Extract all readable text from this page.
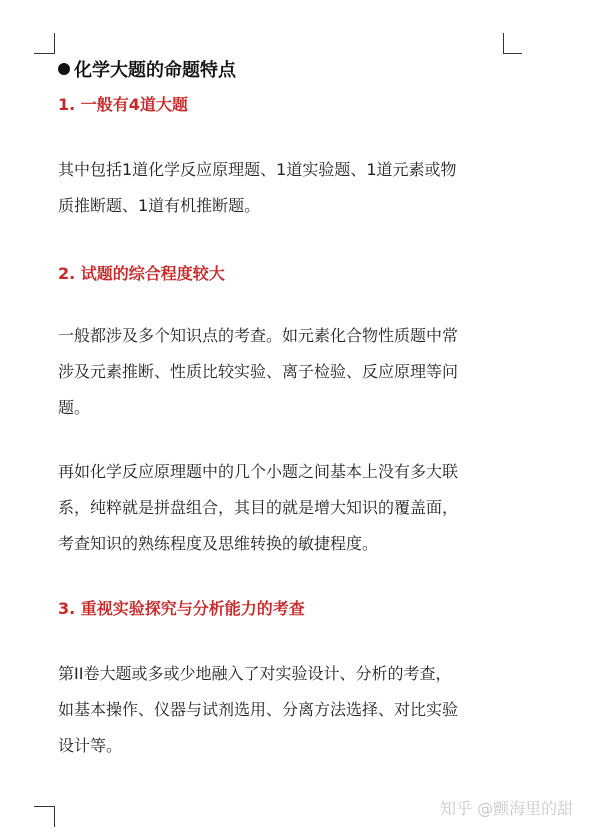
化学大题的命题特点
1. 一般有4道大题
其中包括1道化学反应原理题、1道实验题、1道元素或物
质推断题、1道有机推断题。
2. 试题的综合程度较大
一般都涉及多个知识点的考查。如元素化合物性质题中常
涉及元素推断、性质比较实验、离子检验、反应原理等问
题。
再如化学反应原理题中的几个小题之间基本上没有多大联
系，纯粹就是拼盘组合，其目的就是增大知识的覆盖面，
考查知识的熟练程度及思维转换的敏捷程度。
3. 重视实验探究与分析能力的考查
第II卷大题或多或少地融入了对实验设计、分析的考查，
如基本操作、仪器与试剂选用、分离方法选择、对比实验
设计等。
知乎 @颤海里的甜
